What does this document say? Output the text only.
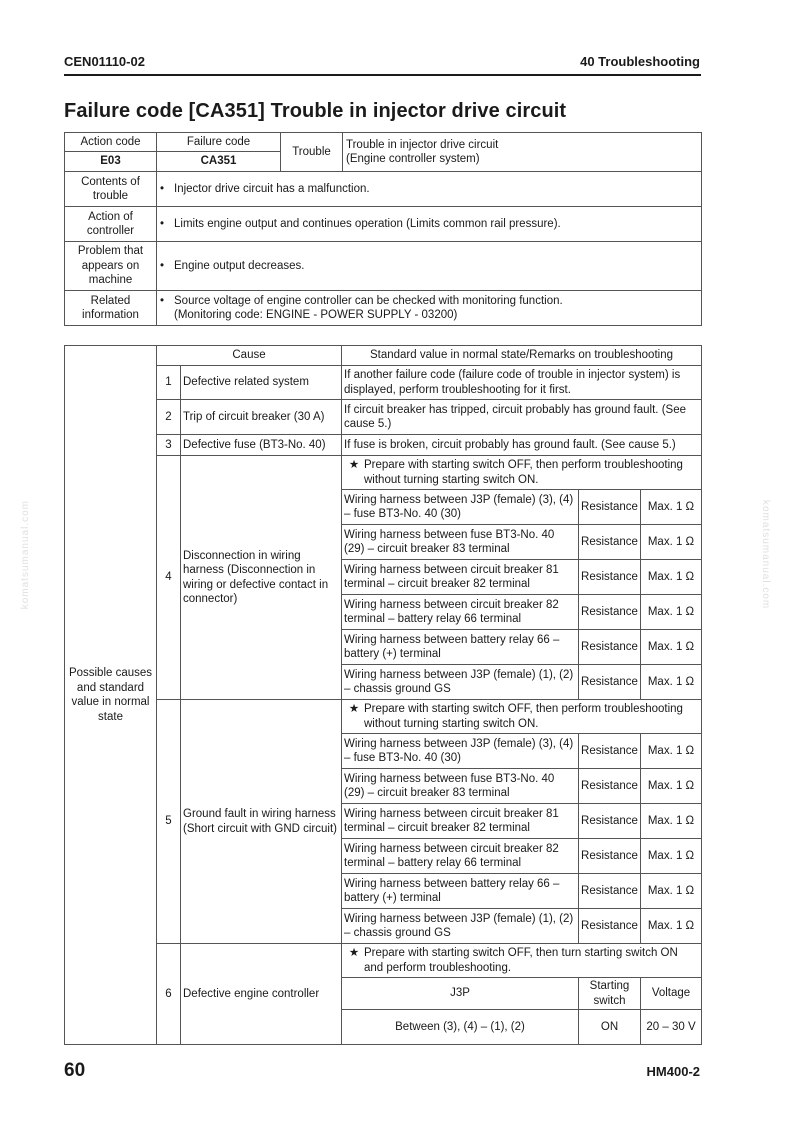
CEN01110-02	40 Troubleshooting
Failure code [CA351] Trouble in injector drive circuit
komatsumanual.com	komatsumanual.com
Action code	Failure code	Trouble	Trouble in injector drive circuit
(Engine controller system)

E03	CA351		
Contents of trouble	• Injector drive circuit has a malfunction.		
Action of controller	• Limits engine output and continues operation (Limits common rail pressure).		
Problem that appears on machine	• Engine output decreases.		
Related information	• Source voltage of engine controller can be checked with monitoring function.
(Monitoring code: ENGINE - POWER SUPPLY - 03200)		
Possible causes and standard value in normal state	Cause		Standard value in normal state/Remarks on troubleshooting		
	1	Defective related system	If another failure code (failure code of trouble in injector system) is displayed, perform troubleshooting for it first.		
	2	Trip of circuit breaker (30 A)	If circuit breaker has tripped, circuit probably has ground fault. (See cause 5.)		
	3	Defective fuse (BT3-No. 40)	If fuse is broken, circuit probably has ground fault. (See cause 5.)		
	4	Disconnection in wiring harness (Disconnection in wiring or defective contact in connector)	★ Prepare with starting switch OFF, then perform troubleshooting without turning starting switch ON.		

			Wiring harness between J3P (female) (3), (4) – fuse BT3-No. 40 (30)	Resistance	Max. 1 Ω
			Wiring harness between fuse BT3-No. 40 (29) – circuit breaker 83 terminal	Resistance	Max. 1 Ω
			Wiring harness between circuit breaker 81 terminal – circuit breaker 82 terminal	Resistance	Max. 1 Ω
			Wiring harness between circuit breaker 82 terminal – battery relay 66 terminal	Resistance	Max. 1 Ω
			Wiring harness between battery relay 66 – battery (+) terminal	Resistance	Max. 1 Ω
			Wiring harness between J3P (female) (1), (2) – chassis ground GS	Resistance	Max. 1 Ω
	5	Ground fault in wiring harness (Short circuit with GND circuit)	★ Prepare with starting switch OFF, then perform troubleshooting without turning starting switch ON.		

			Wiring harness between J3P (female) (3), (4) – fuse BT3-No. 40 (30)	Resistance	Max. 1 Ω
			Wiring harness between fuse BT3-No. 40 (29) – circuit breaker 83 terminal	Resistance	Max. 1 Ω
			Wiring harness between circuit breaker 81 terminal – circuit breaker 82 terminal	Resistance	Max. 1 Ω
			Wiring harness between circuit breaker 82 terminal – battery relay 66 terminal	Resistance	Max. 1 Ω
			Wiring harness between battery relay 66 – battery (+) terminal	Resistance	Max. 1 Ω
			Wiring harness between J3P (female) (1), (2) – chassis ground GS	Resistance	Max. 1 Ω
	6	Defective engine controller	★ Prepare with starting switch OFF, then turn starting switch ON and perform troubleshooting.		

			J3P	Starting switch	Voltage

			Between (3), (4) – (1), (2)	ON	20 – 30 V
60	HM400-2
